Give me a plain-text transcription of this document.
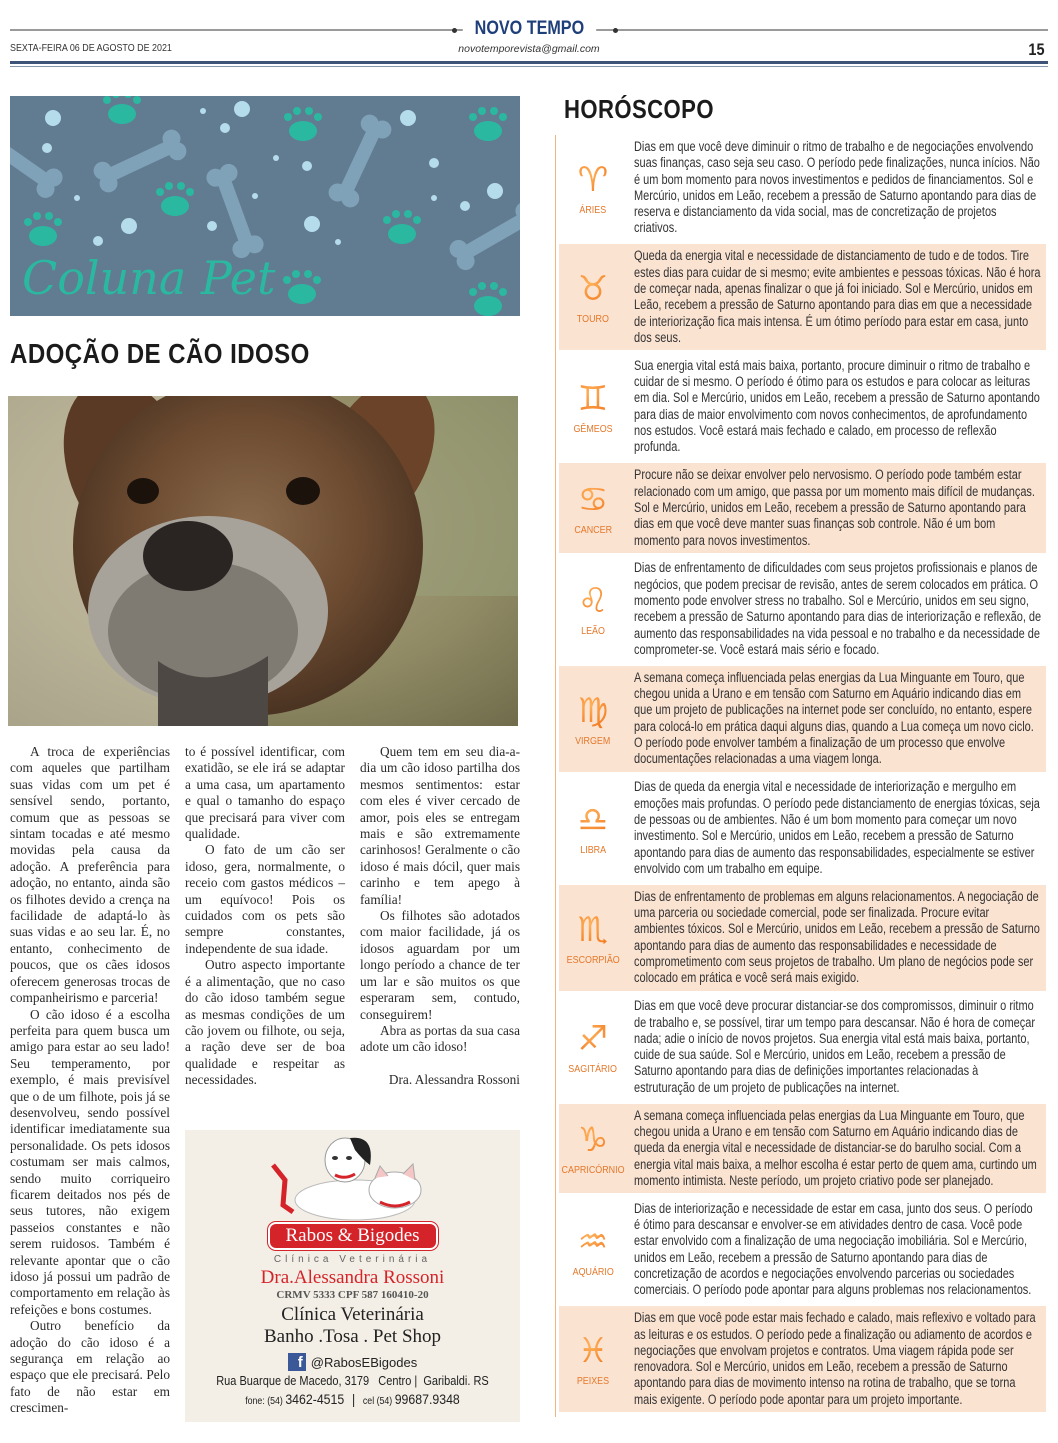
NOVO TEMPO
SEXTA-FEIRA 06 DE AGOSTO DE 2021	novotemporevista@gmail.com	15
Coluna Pet
ADOÇÃO DE CÃO IDOSO

A troca de experiências com aqueles que partilham suas vidas com um pet é sensível sendo, portanto, comum que as pessoas se sintam tocadas e até mesmo movidas pela causa da adoção. A preferência para adoção, no entanto, ainda são os filhotes devido a crença na facilidade de adaptá-lo às suas vidas e ao seu lar. É, no entanto, conhecimento de poucos, que os cães idosos oferecem generosas trocas de companheirismo e parceria!

O cão idoso é a escolha perfeita para quem busca um amigo para estar ao seu lado! Seu temperamento, por exemplo, é mais previsível que o de um filhote, pois já se desenvolveu, sendo possível identificar imediatamente sua personalidade. Os pets idosos costumam ser mais calmos, sendo muito corriqueiro ficarem deitados nos pés de seus tutores, não exigem passeios constantes e não serem ruidosos. Também é relevante apontar que o cão idoso já possui um padrão de comportamento em relação às refeições e bons costumes.

Outro benefício da adoção do cão idoso é a segurança em relação ao espaço que ele precisará. Pelo fato de não estar em crescimen-

to é possível identificar, com exatidão, se ele irá se adaptar a uma casa, um apartamento e qual o tamanho do espaço que precisará para viver com qualidade.

O fato de um cão ser idoso, gera, normalmente, o receio com gastos médicos – um equívoco! Pois os cuidados com os pets são sempre constantes, independente de sua idade.

Outro aspecto importante é a alimentação, que no caso do cão idoso também segue as mesmas condições de um cão jovem ou filhote, ou seja, a ração deve ser de boa qualidade e respeitar as necessidades.

Quem tem em seu dia-a-dia um cão idoso partilha dos mesmos sentimentos: estar com eles é viver cercado de amor, pois eles se entregam mais e são extremamente carinhosos! Geralmente o cão idoso é mais dócil, quer mais carinho e tem apego à família!

Os filhotes são adotados com maior facilidade, já os idosos aguardam por um longo período a chance de ter um lar e são muitos os que esperaram sem, contudo, conseguirem!

Abra as portas da sua casa adote um cão idoso!

Dra. Alessandra Rossoni

Rabos & Bigodes
Clínica Veterinária
Dra.Alessandra Rossoni
CRMV 5333 CPF 587 160410-20
Clínica Veterinária
Banho .Tosa . Pet Shop
f @RabosEBigodes
Rua Buarque de Macedo, 3179   Centro |  Garibaldi. RS
fone: (54) 3462-4515 | cel (54) 99687.9348
HORÓSCOPO
♈
ÁRIES
Dias em que você deve diminuir o ritmo de trabalho e de negociações envolvendo suas finanças, caso seja seu caso. O período pede finalizações, nunca inícios. Não é um bom momento para novos investimentos e pedidos de financiamentos. Sol e Mercúrio, unidos em Leão, recebem a pressão de Saturno apontando para dias de reserva e distanciamento da vida social, mas de concretização de projetos criativos.
♉
TOURO
Queda da energia vital e necessidade de distanciamento de tudo e de todos. Tire estes dias para cuidar de si mesmo; evite ambientes e pessoas tóxicas. Não é hora de começar nada, apenas finalizar o que já foi iniciado. Sol e Mercúrio, unidos em Leão, recebem a pressão de Saturno apontando para dias em que a necessidade de interiorização fica mais intensa. É um ótimo período para estar em casa, junto dos seus.
♊
GÊMEOS
Sua energia vital está mais baixa, portanto, procure diminuir o ritmo de trabalho e cuidar de si mesmo. O período é ótimo para os estudos e para colocar as leituras em dia. Sol e Mercúrio, unidos em Leão, recebem a pressão de Saturno apontando para dias de maior envolvimento com novos conhecimentos, de aprofundamento nos estudos. Você estará mais fechado e calado, em processo de reflexão profunda.
♋
CANCER
Procure não se deixar envolver pelo nervosismo. O período pode também estar relacionado com um amigo, que passa por um momento mais difícil de mudanças. Sol e Mercúrio, unidos em Leão, recebem a pressão de Saturno apontando para dias em que você deve manter suas finanças sob controle. Não é um bom momento para novos investimentos.
♌
LEÃO
Dias de enfrentamento de dificuldades com seus projetos profissionais e planos de negócios, que podem precisar de revisão, antes de serem colocados em prática. O momento pode envolver stress no trabalho. Sol e Mercúrio, unidos em seu signo, recebem a pressão de Saturno apontando para dias de interiorização e reflexão, de aumento das responsabilidades na vida pessoal e no trabalho e da necessidade de comprometer-se. Você estará mais sério e focado.
♍
VIRGEM
A semana começa influenciada pelas energias da Lua Minguante em Touro, que chegou unida a Urano e em tensão com Saturno em Aquário indicando dias em que um projeto de publicações na internet pode ser concluído, no entanto, espere para colocá-lo em prática daqui alguns dias, quando a Lua começa um novo ciclo. O período pode envolver também a finalização de um processo que envolve documentações relacionadas a uma viagem longa.
♎
LIBRA
Dias de queda da energia vital e necessidade de interiorização e mergulho em emoções mais profundas. O período pede distanciamento de energias tóxicas, seja de pessoas ou de ambientes. Não é um bom momento para começar um novo investimento. Sol e Mercúrio, unidos em Leão, recebem a pressão de Saturno apontando para dias de aumento das responsabilidades, especialmente se estiver envolvido com um trabalho em equipe.
♏
ESCORPIÃO
Dias de enfrentamento de problemas em alguns relacionamentos. A negociação de uma parceria ou sociedade comercial, pode ser finalizada. Procure evitar ambientes tóxicos. Sol e Mercúrio, unidos em Leão, recebem a pressão de Saturno apontando para dias de aumento das responsabilidades e necessidade de comprometimento com seus projetos de trabalho. Um plano de negócios pode ser colocado em prática e você será mais exigido.
♐
SAGITÁRIO
Dias em que você deve procurar distanciar-se dos compromissos, diminuir o ritmo de trabalho e, se possível, tirar um tempo para descansar. Não é hora de começar nada; adie o início de novos projetos. Sua energia vital está mais baixa, portanto, cuide de sua saúde. Sol e Mercúrio, unidos em Leão, recebem a pressão de Saturno apontando para dias de definições importantes relacionadas à estruturação de um projeto de publicações na internet.
♑
CAPRICÓRNIO
A semana começa influenciada pelas energias da Lua Minguante em Touro, que chegou unida a Urano e em tensão com Saturno em Aquário indicando dias de queda da energia vital e necessidade de distanciar-se do barulho social. Com a energia vital mais baixa, a melhor escolha é estar perto de quem ama, curtindo um momento intimista. Neste período, um projeto criativo pode ser planejado.
♒
AQUÁRIO
Dias de interiorização e necessidade de estar em casa, junto dos seus. O período é ótimo para descansar e envolver-se em atividades dentro de casa. Você pode estar envolvido com a finalização de uma negociação imobiliária. Sol e Mercúrio, unidos em Leão, recebem a pressão de Saturno apontando para dias de concretização de acordos e negociações envolvendo parcerias ou sociedades comerciais. O período pode apontar para alguns problemas nos relacionamentos.
♓
PEIXES
Dias em que você pode estar mais fechado e calado, mais reflexivo e voltado para as leituras e os estudos. O período pede a finalização ou adiamento de acordos e negociações que envolvam projetos e contratos. Uma viagem rápida pode ser renovadora. Sol e Mercúrio, unidos em Leão, recebem a pressão de Saturno apontando para dias de movimento intenso na rotina de trabalho, que se torna mais exigente. O período pode apontar para um projeto importante.
